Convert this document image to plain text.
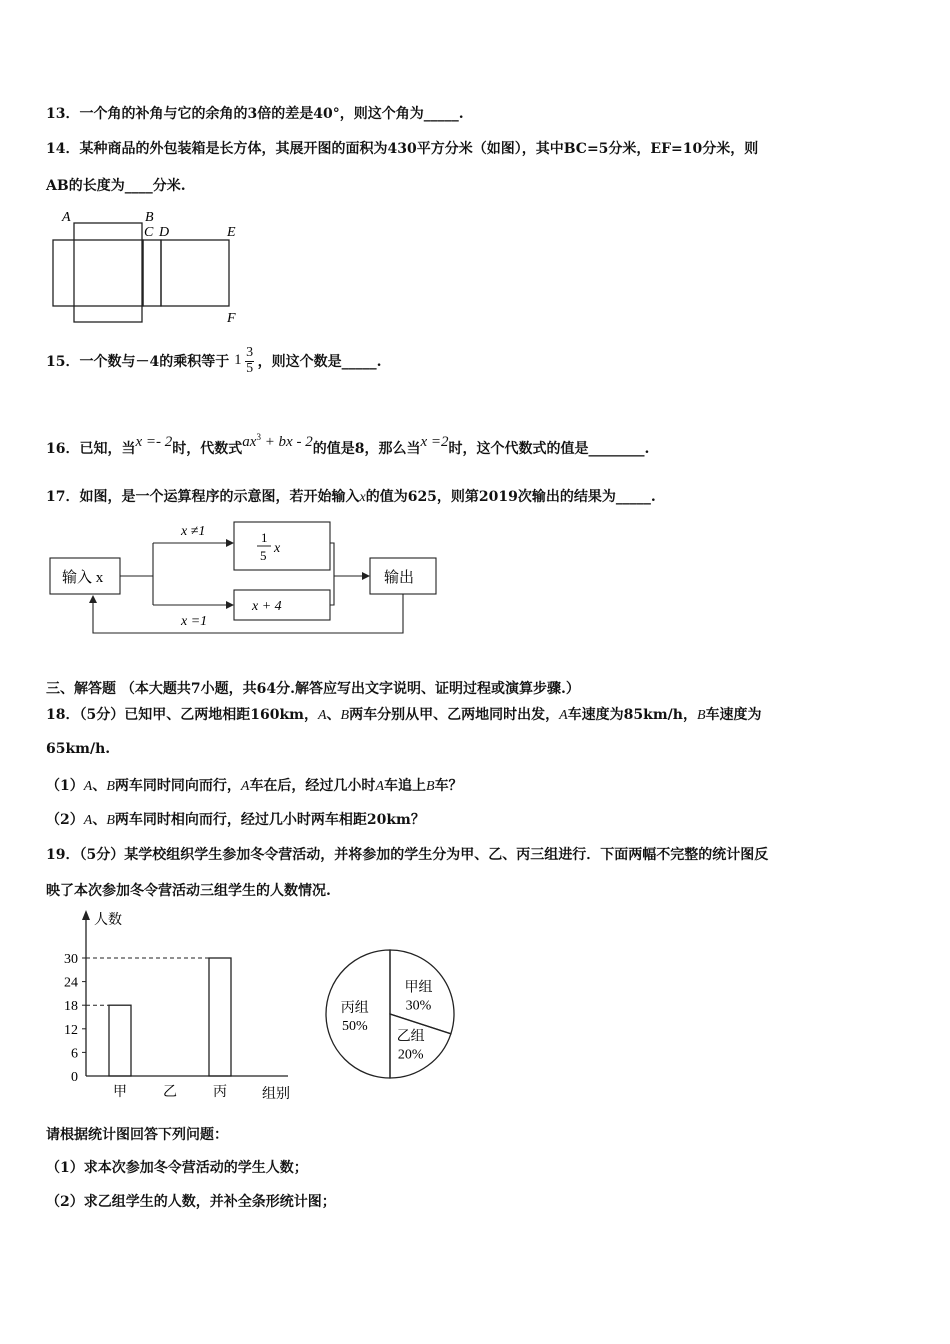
13．一个角的补角与它的余角的3倍的差是40°，则这个角为_____.
14．某种商品的外包装箱是长方体，其展开图的面积为430平方分米（如图），其中BC=5分米，EF=10分米，则
AB的长度为____分米.
A	B
C D	E
F
15．一个数与－4的乘积等于 $1 \frac{3}{5}$ ，则这个数是_____.
16．已知，当x =- 2时，代数式$ax^3$ + bx - 2的值是8，那么当x =2时，这个代数式的值是________.
17．如图，是一个运算程序的示意图，若开始输入x的值为625，则第2019次输出的结果为_____.
输入 x	输出
x ≠1
x =1
1
5 x
x + 4
三、解答题 （本大题共7小题，共64分.解答应写出文字说明、证明过程或演算步骤.）
18．（5分）已知甲、乙两地相距160km，A、B两车分别从甲、乙两地同时出发，A车速度为85km/h，B车速度为
65km/h.
（1）A、B两车同时同向而行，A车在后，经过几小时A车追上B车？
（2）A、B两车同时相向而行，经过几小时两车相距20km？
19．（5分）某学校组织学生参加冬令营活动，并将参加的学生分为甲、乙、丙三组进行．下面两幅不完整的统计图反
映了本次参加冬令营活动三组学生的人数情况.
人数
组别
0
6
12
18
24
30
甲	乙	丙
甲组
30%
乙组
20%
丙组
50%
请根据统计图回答下列问题：
（1）求本次参加冬令营活动的学生人数；
（2）求乙组学生的人数，并补全条形统计图；
